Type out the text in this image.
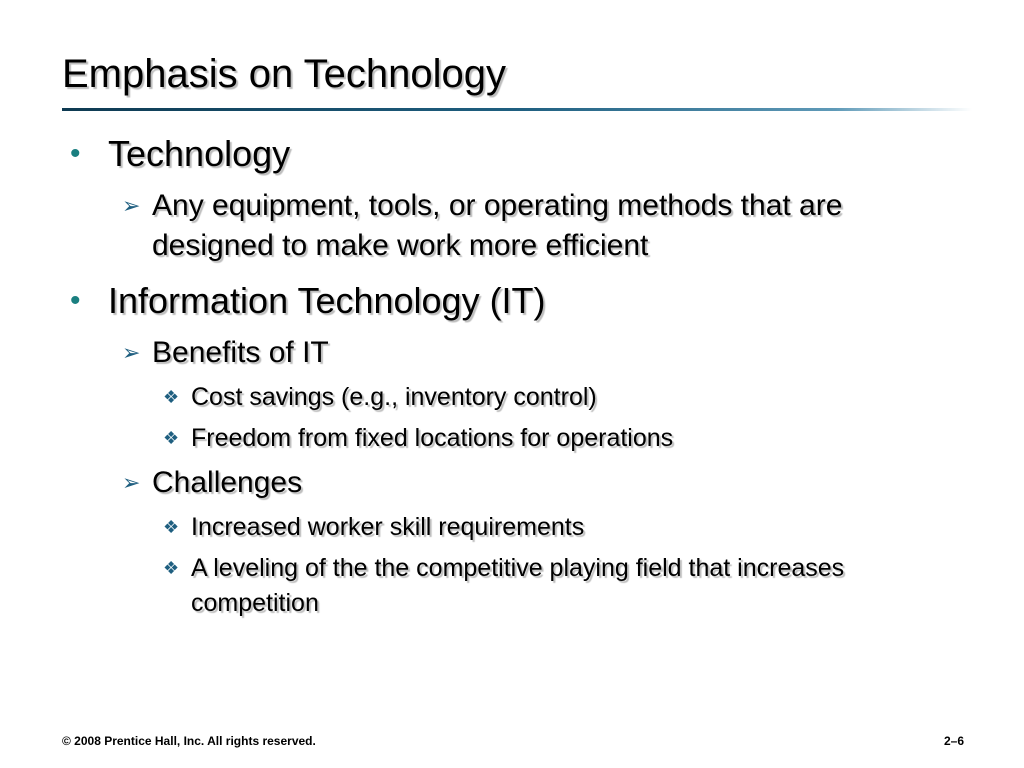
Emphasis on Technology
• Technology
➢ Any equipment, tools, or operating methods that are designed to make work more efficient
• Information Technology (IT)
➢ Benefits of IT
❖ Cost savings (e.g., inventory control)
❖ Freedom from fixed locations for operations
➢ Challenges
❖ Increased worker skill requirements
❖ A leveling of the the competitive playing field that increases competition
© 2008 Prentice Hall, Inc. All rights reserved.	2–6
